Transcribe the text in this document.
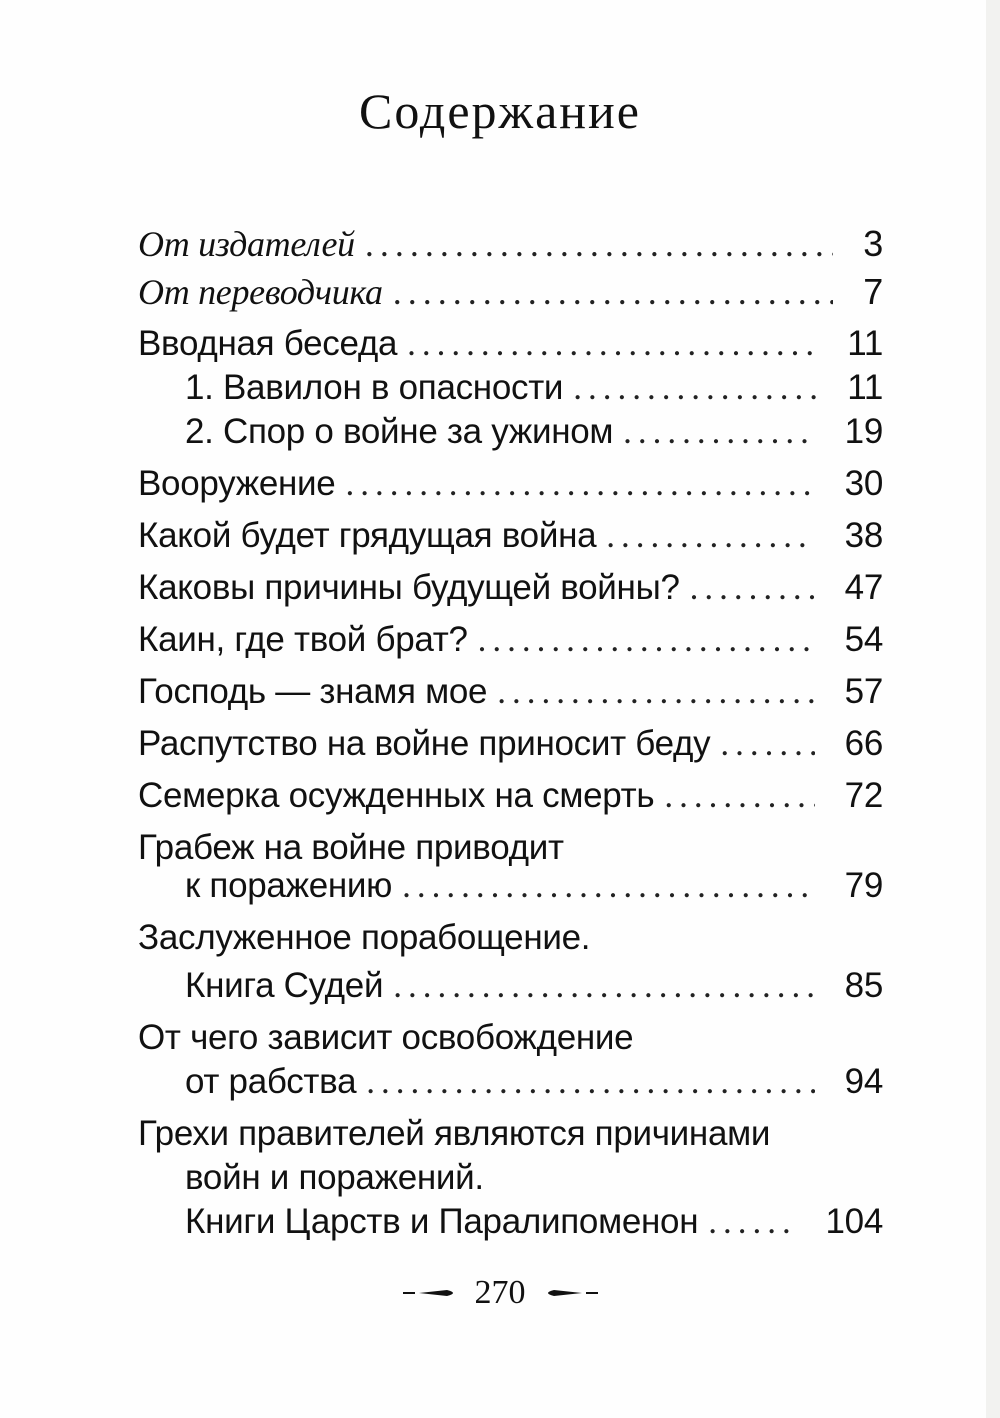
Содержание
От издателей .....	3
От переводчика .....	7
Вводная беседа .....	11
1. Вавилон в опасности .....	11
2. Спор о войне за ужином .....	19
Вооружение .....	30
Какой будет грядущая война .....	38
Каковы причины будущей войны? .....	47
Каин, где твой брат? .....	54
Господь — знамя мое .....	57
Распутство на войне приносит беду .....	66
Семерка осужденных на смерть .....	72
Грабеж на войне приводит
к поражению .....	79
Заслуженное порабощение.
Книга Судей .....	85
От чего зависит освобождение
от рабства .....	94
Грехи правителей являются причинами
войн и поражений.
Книги Царств и Паралипоменон .....	104
270
